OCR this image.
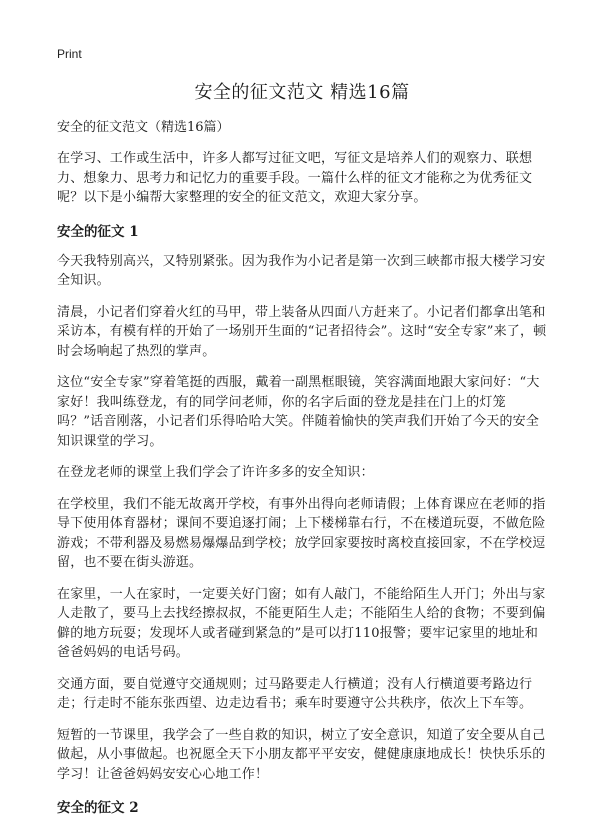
Print
安全的征文范文 精选16篇
安全的征文范文（精选16篇）

在学习、工作或生活中，许多人都写过征文吧，写征文是培养人们的观察力、联想力、想象力、思考力和记忆力的重要手段。一篇什么样的征文才能称之为优秀征文呢？以下是小编帮大家整理的安全的征文范文，欢迎大家分享。

安全的征文 1

今天我特别高兴，又特别紧张。因为我作为小记者是第一次到三峡都市报大楼学习安全知识。

清晨，小记者们穿着火红的马甲，带上装备从四面八方赶来了。小记者们都拿出笔和采访本，有模有样的开始了一场别开生面的“记者招待会”。这时“安全专家”来了，顿时会场响起了热烈的掌声。

这位“安全专家”穿着笔挺的西服，戴着一副黑框眼镜，笑容满面地跟大家问好：“大家好！我叫练登龙，有的同学问老师，你的名字后面的登龙是挂在门上的灯笼吗？”话音刚落，小记者们乐得哈哈大笑。伴随着愉快的笑声我们开始了今天的安全知识课堂的学习。

在登龙老师的课堂上我们学会了许许多多的安全知识：

在学校里，我们不能无故离开学校，有事外出得向老师请假；上体育课应在老师的指导下使用体育器材；课间不要追逐打闹；上下楼梯靠右行，不在楼道玩耍，不做危险游戏；不带利器及易燃易爆爆品到学校；放学回家要按时离校直接回家，不在学校逗留，也不要在街头游逛。

在家里，一人在家时，一定要关好门窗；如有人敲门，不能给陌生人开门；外出与家人走散了，要马上去找经擦叔叔，不能更陌生人走；不能陌生人给的食物；不要到偏僻的地方玩耍；发现坏人或者碰到紧急的”是可以打110报警；要牢记家里的地址和爸爸妈妈的电话号码。

交通方面，要自觉遵守交通规则；过马路要走人行横道；没有人行横道要考路边行走；行走时不能东张西望、边走边看书；乘车时要遵守公共秩序，依次上下车等。

短暂的一节课里，我学会了一些自救的知识，树立了安全意识，知道了安全要从自己做起，从小事做起。也祝愿全天下小朋友都平平安安，健健康康地成长！快快乐乐的学习！让爸爸妈妈安安心心地工作！

安全的征文 2
